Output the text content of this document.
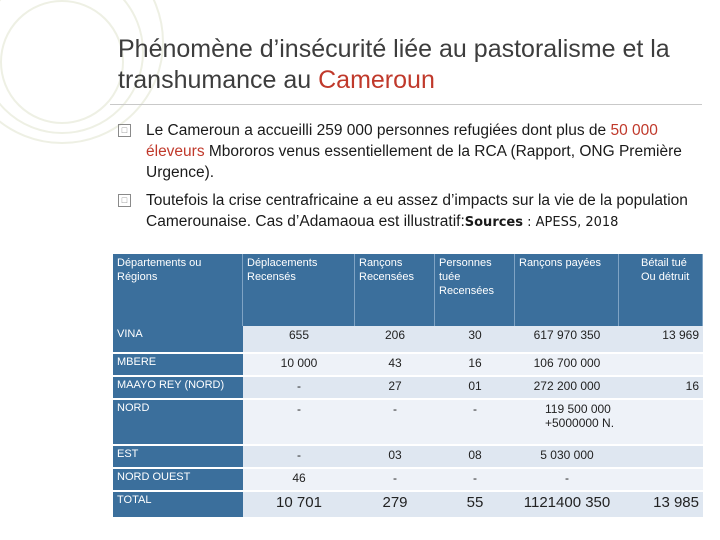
Phénomène d’insécurité liée au pastoralisme et la transhumance au Cameroun
□ Le Cameroun a accueilli 259 000 personnes refugiées dont plus de 50 000 éleveurs Mbororos venus essentiellement de la RCA (Rapport, ONG Première Urgence).
□ Toutefois la crise centrafricaine a eu assez d’impacts sur la vie de la population Camerounaise. Cas d’Adamaoua est illustratif:Sources : APESS, 2018
Départements ou Régions	Déplacements Recensés	Rançons Recensées	Personnes tuée Recensées	Rançons payées	Bétail tué Ou détruit
VINA	655	206	30	617 970 350	13 969
MBERE	10 000	43	16	106 700 000	
MAAYO REY (NORD)	-	27	01	272 200 000	16
NORD	-	-	-	119 500 000 +5000000 N.	
EST	-	03	08	5 030 000	
NORD OUEST	46	-	-	-	
TOTAL	10 701	279	55	1121400 350	13 985
